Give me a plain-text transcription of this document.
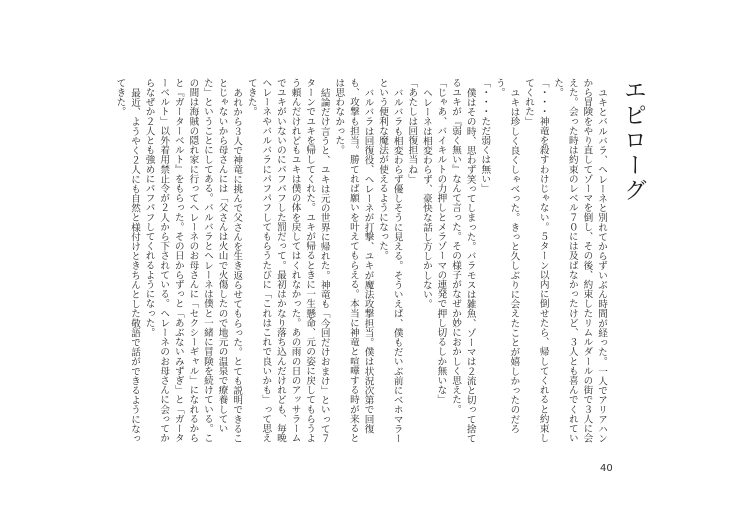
エピローグ

ユキとバルバラ、ヘレーネと別れてからずいぶん時間が経った。一人でアリアハンから冒険をやり直してゾーマを倒し、その後、約束したリムルダールの街で３人に会えた。会った時は約束のレベル７０には及ばなかったけど、３人とも喜んでくれていた。

「・・・神竜を殺すわけじゃない。５ターン以内に倒せたら、帰してくれると約束してくれた」

ユキは珍しく良くしゃべった。きっと久しぶりに会えたことが嬉しかったのだろう。

「・・・ただ弱くは無い」

僕はその時、思わず笑ってしまった。バラモスは雑魚、ゾーマは２流と切って捨てるユキが『弱く無い』なんて言った。その様子がなぜか妙におかしく思えた。

「じゃあ、バイキルトの力押しとメラゾーマの連発で押し切るしか無いな」

ヘレーネは相変わらず、豪快な話し方しかしない。

「あたしは回復担当ね」

バルバラも相変わらず優しそうに見える。そういえば、僕もだいぶ前にベホマラーという便利な魔法が使えるようになった。

バルバラは回復役、ヘレーネが打撃、ユキが魔法攻撃担当。僕は状況次第で回復も、攻撃も担当。勝てれば願いを叶えてもらえる。本当に神竜と喧嘩する時が来るとは思わなかった。

結論だけ言うと、ユキは元の世界に帰れた。神竜も「今回だけおまけ」といって７ターンでユキを帰してくれた。ユキが帰るときに一生懸命、元の姿に戻してもらうよう頼んだけれどもユキは僕の体を戻してはくれなかった。あの雨の日のアッサラームでユキがいないのにパフパフした罰だって。最初はかなり落ち込んだけれども、毎晩ヘレーネやバルバラにパフパフしてもらうたびに「これはこれで良いかも」って思えてきた。

あれから３人で神竜に挑んで父さんを生き返らせてもらった。とても説明できることじゃないから母さんには「父さんは火山で火傷したので地元の温泉で療養していた」ということにしてある。バルバラとヘレーネは僕と一緒に冒険を続けている。この間は海賊の隠れ家に行ってヘレーネのお母さんに「セクシーギャル」になれるからと『ガーターベルト』をもらった。その日からずっと「あぶないみずぎ」と「ガーターベルト」以外着用禁止令が２人から下されている。ヘレーネのお母さんに会ってからなぜか２人とも強めにパフパフしてくれるようになった。

最近、ようやく２人にも自然と様付けときちんとした敬語で話ができるようになってきた。

40
